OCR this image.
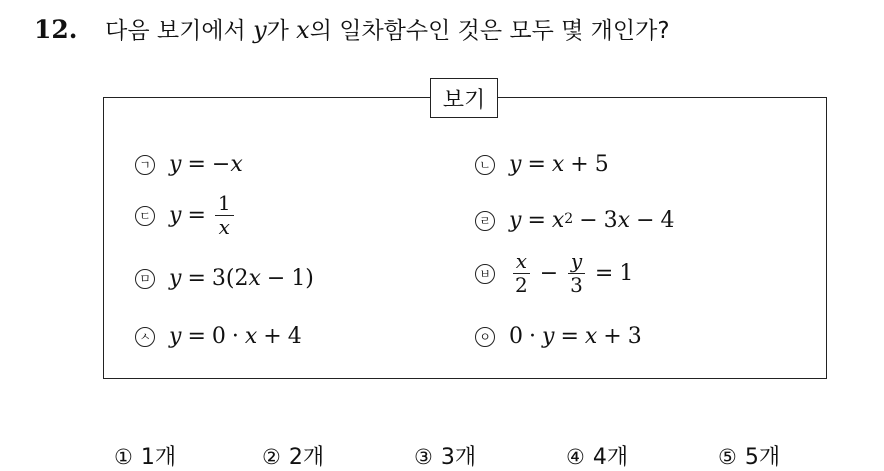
12. 다음 보기에서 y가 x의 일차함수인 것은 모두 몇 개인가?
보기
ㄱ y = − x	ㄴ y = x + 5
ㄷ $y = \frac{1}{x}$	ㄹ $y = x^2 - 3$ x − 4
ㅁ y = 3(2 x − 1)	ㅂ $\frac{x}{2} - \frac{y}{3} = 1$
ㅅ y = 0 · x + 4	ㅇ 0 · y = x + 3
① 1개	② 2개	③ 3개	④ 4개	⑤ 5개
